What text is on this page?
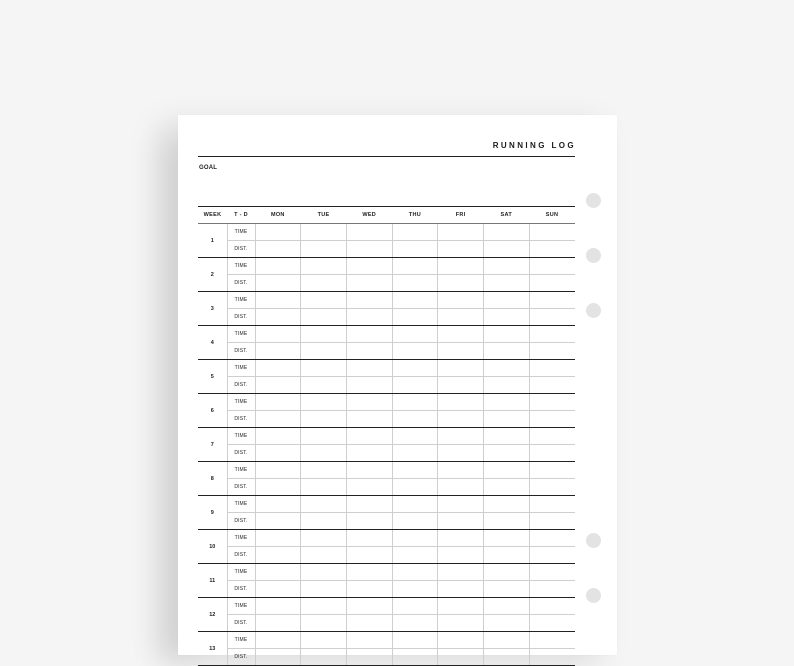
RUNNING LOG
GOAL
WEEK	T - D	MON	TUE	WED	THU	FRI	SAT	SUN
1	TIME							
	DIST.							
2	TIME							
	DIST.							
3	TIME							
	DIST.							
4	TIME							
	DIST.							
5	TIME							
	DIST.							
6	TIME							
	DIST.							
7	TIME							
	DIST.							
8	TIME							
	DIST.							
9	TIME							
	DIST.							
10	TIME							
	DIST.							
11	TIME							
	DIST.							
12	TIME							
	DIST.							
13	TIME							
	DIST.							
